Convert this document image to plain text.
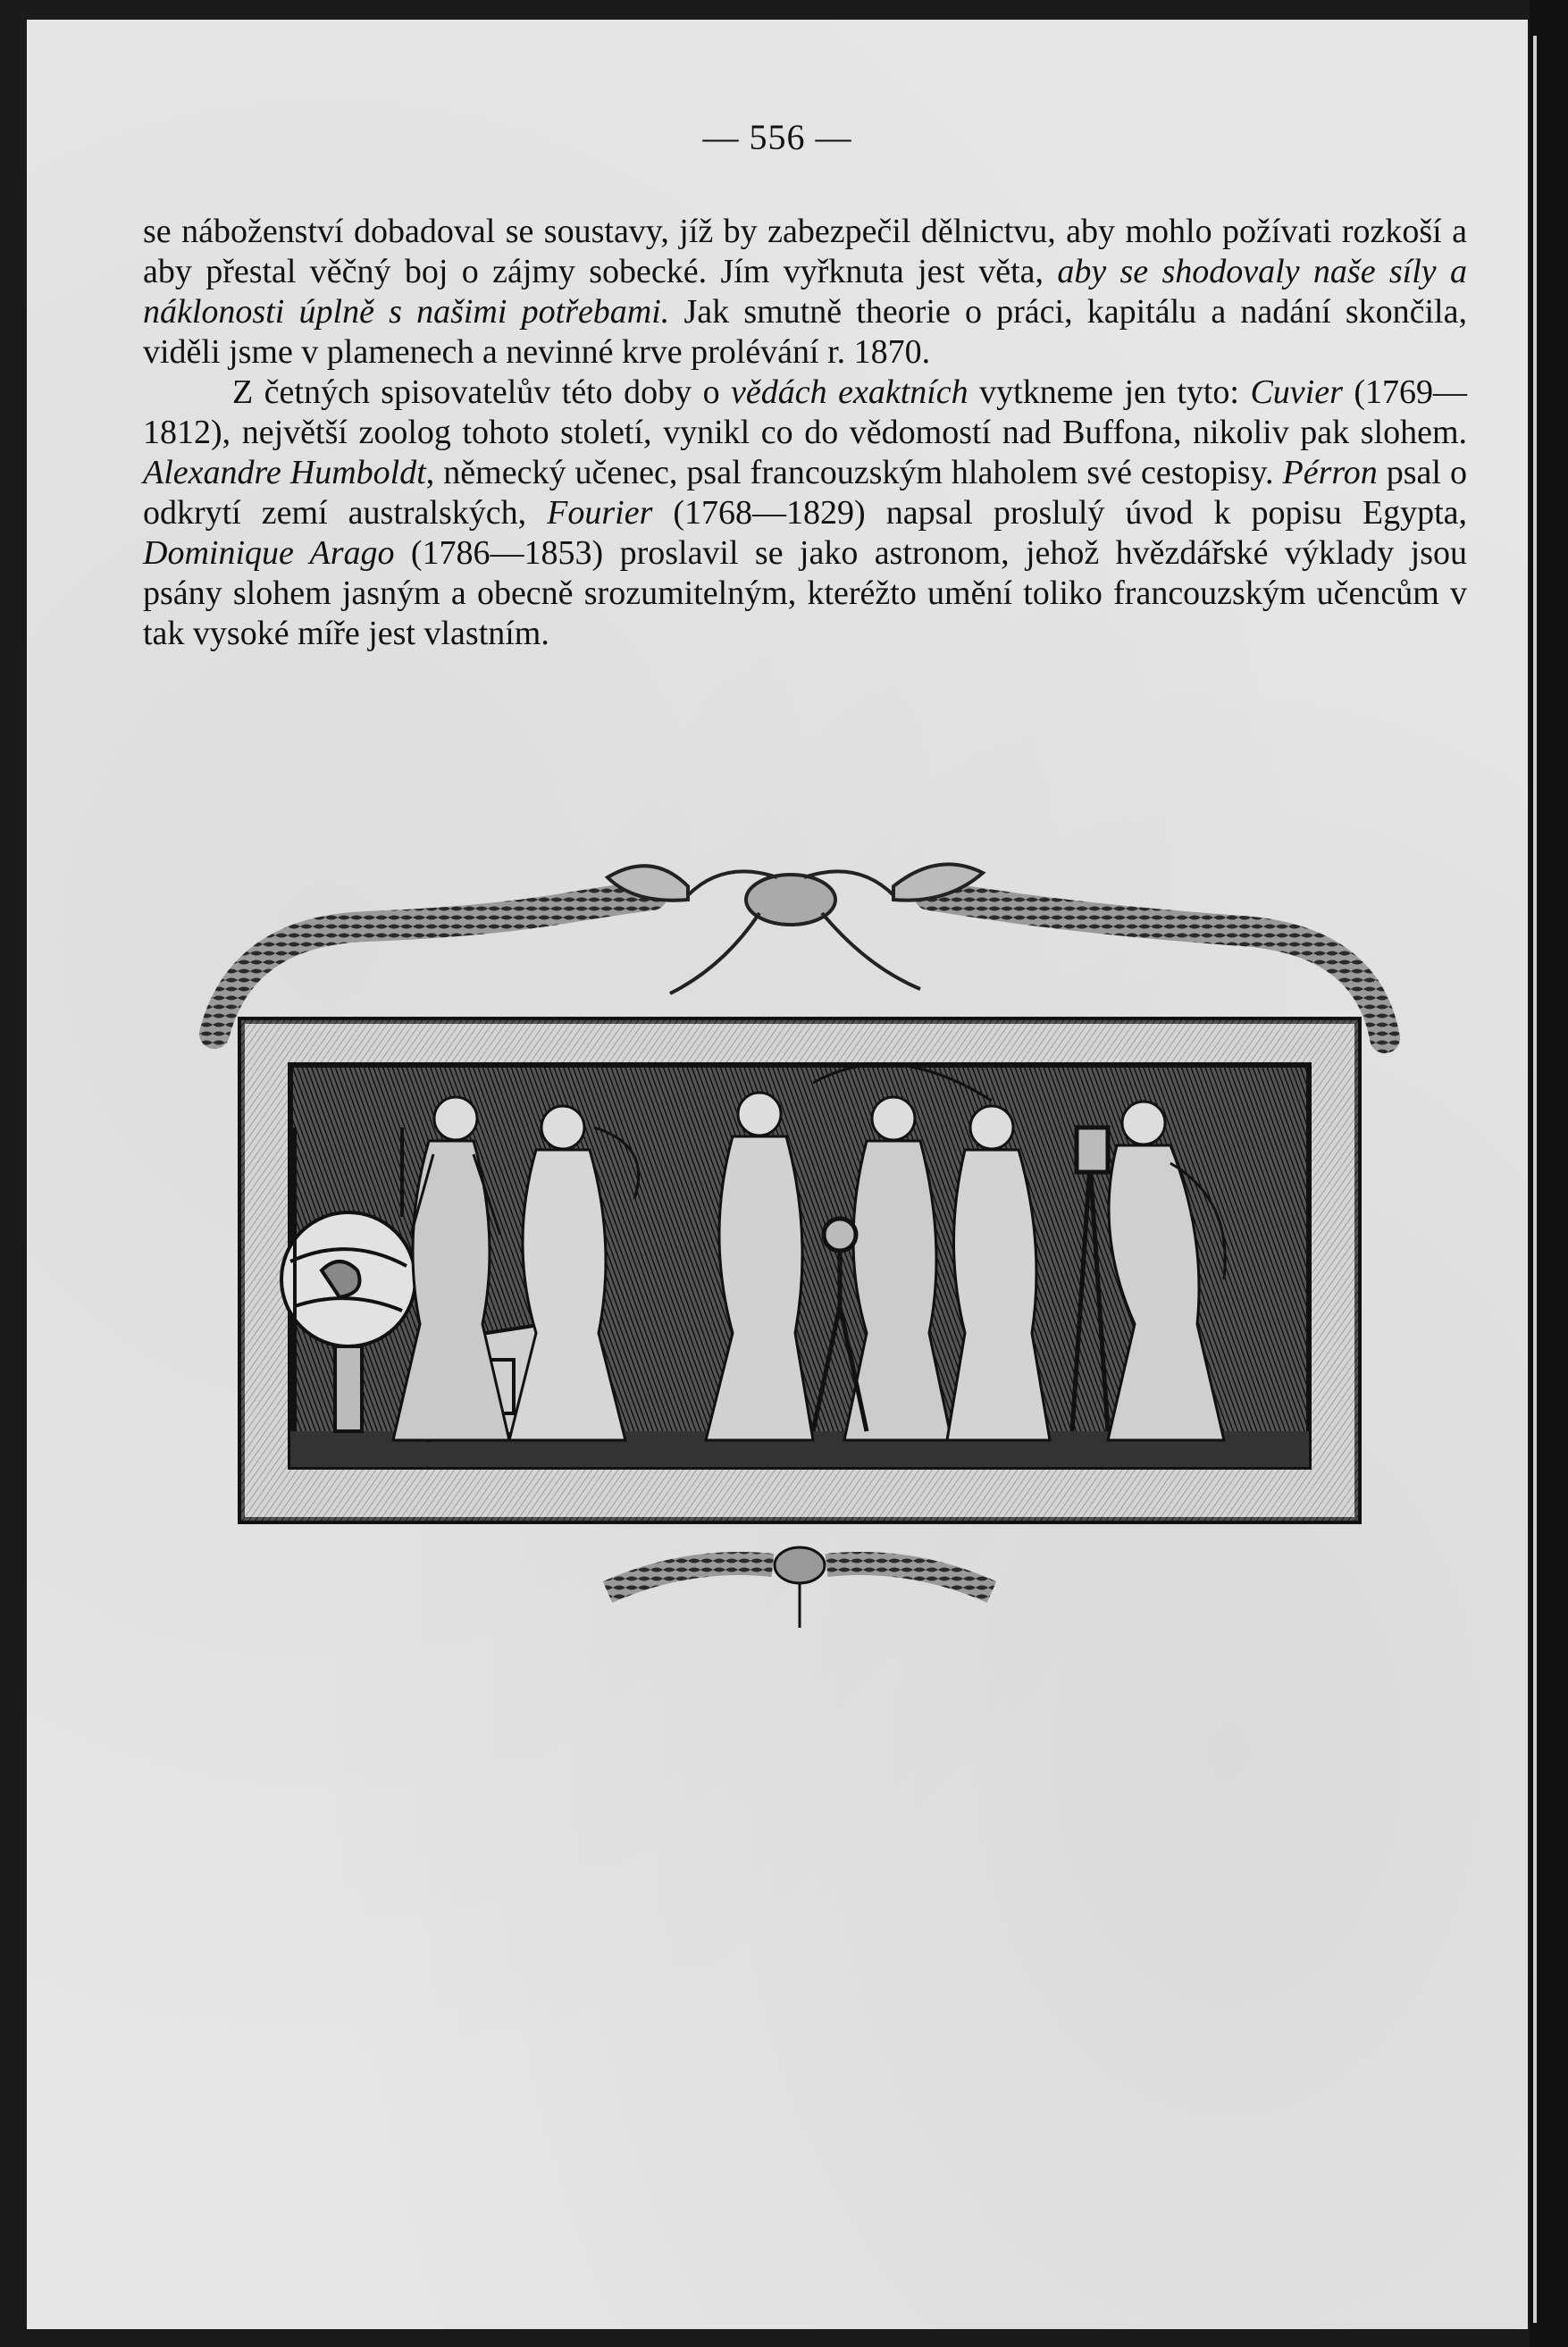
— 556 —

se náboženství dobadoval se soustavy, jíž by zabezpečil dělnictvu, aby mohlo požívati rozkoší a aby přestal věčný boj o zájmy sobecké. Jím vyřknuta jest věta, aby se shodovaly naše síly a náklonosti úplně s našimi potřebami. Jak smutně theorie o práci, kapitálu a nadání skončila, viděli jsme v plamenech a nevinné krve prolévání r. 1870.

Z četných spisovatelův této doby o vědách exaktních vytkneme jen tyto: Cuvier (1769—1812), největší zoolog tohoto století, vynikl co do vědomostí nad Buffona, nikoliv pak slohem. Alexandre Humboldt, německý učenec, psal francouzským hlaholem své cestopisy. Pérron psal o odkrytí zemí australských, Fourier (1768—1829) napsal proslulý úvod k popisu Egypta, Dominique Arago (1786—1853) proslavil se jako astronom, jehož hvězdářské výklady jsou psány slohem jasným a obecně srozumitelným, kteréžto umění toliko francouzským učencům v tak vysoké míře jest vlastním.
